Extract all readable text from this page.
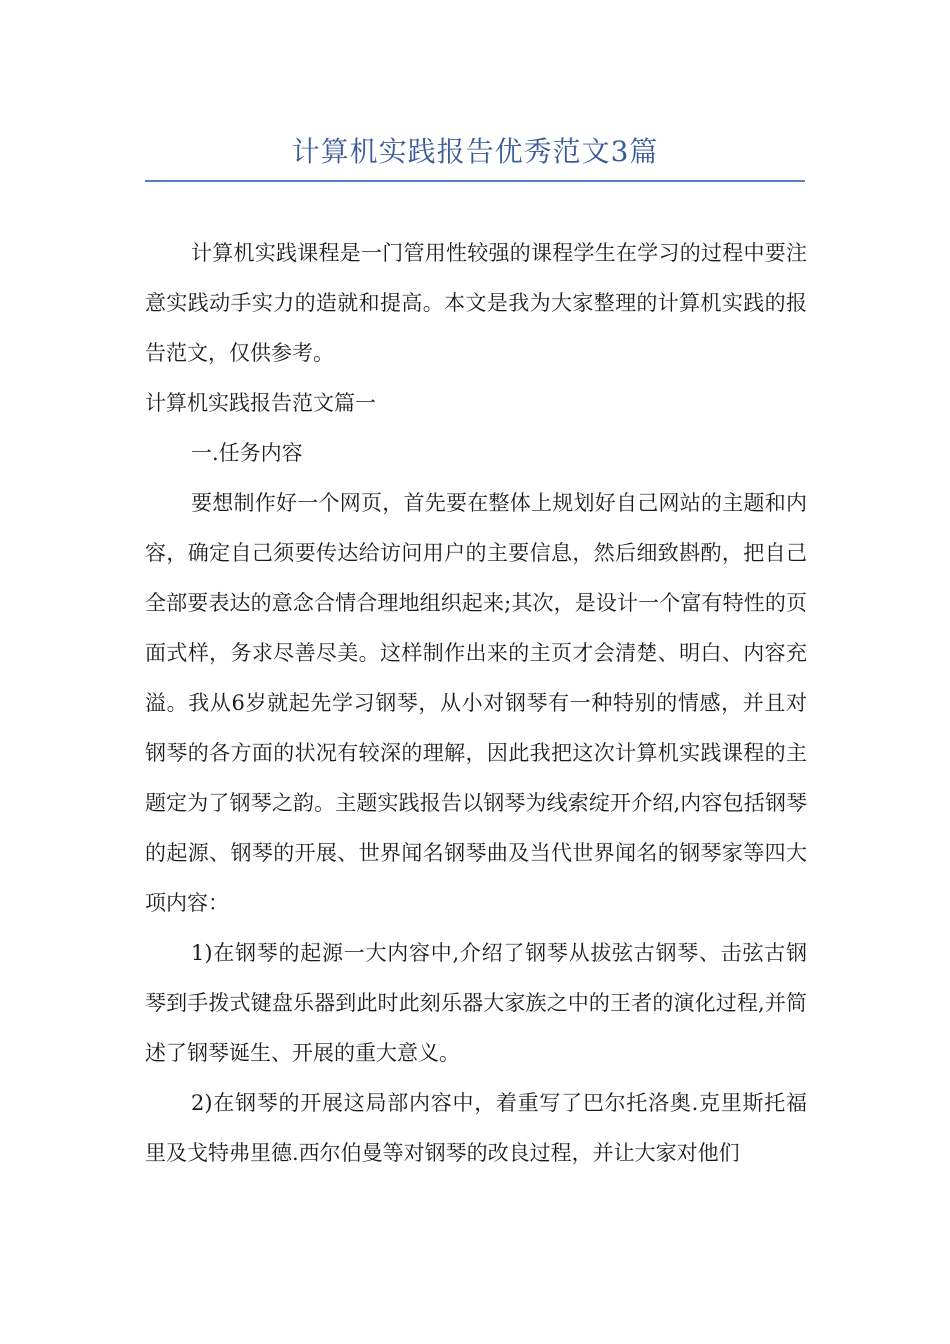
计算机实践报告优秀范文3篇

计算机实践课程是一门管用性较强的课程学生在学习的过程中要注意实践动手实力的造就和提高。本文是我为大家整理的计算机实践的报告范文，仅供参考。

计算机实践报告范文篇一

一.任务内容

要想制作好一个网页，首先要在整体上规划好自己网站的主题和内容，确定自己须要传达给访问用户的主要信息，然后细致斟酌，把自己全部要表达的意念合情合理地组织起来;其次，是设计一个富有特性的页面式样，务求尽善尽美。这样制作出来的主页才会清楚、明白、内容充溢。我从6岁就起先学习钢琴，从小对钢琴有一种特别的情感，并且对钢琴的各方面的状况有较深的理解，因此我把这次计算机实践课程的主题定为了钢琴之韵。主题实践报告以钢琴为线索绽开介绍,内容包括钢琴的起源、钢琴的开展、世界闻名钢琴曲及当代世界闻名的钢琴家等四大项内容：

1)在钢琴的起源一大内容中,介绍了钢琴从拔弦古钢琴、击弦古钢琴到手拨式键盘乐器到此时此刻乐器大家族之中的王者的演化过程,并简述了钢琴诞生、开展的重大意义。

2)在钢琴的开展这局部内容中，着重写了巴尔托洛奥.克里斯托福里及戈特弗里德.西尔伯曼等对钢琴的改良过程，并让大家对他们
